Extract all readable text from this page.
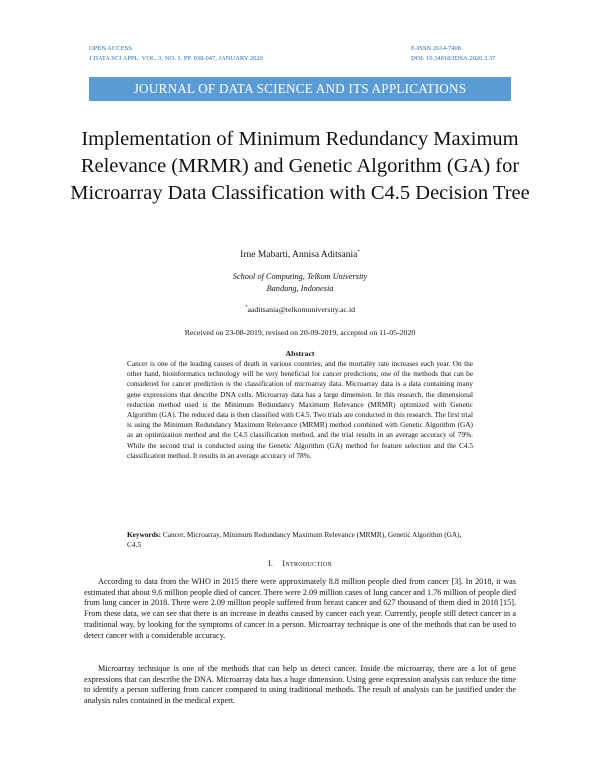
OPEN ACCESS
J DATA SCI APPL. VOL. 3, NO. 1, PP. 038-047, JANUARY 2020
E-ISSN 2614-7408
DOI: 10.34818/JDSA.2020.3.37
JOURNAL OF DATA SCIENCE AND ITS APPLICATIONS
Implementation of Minimum Redundancy Maximum Relevance (MRMR) and Genetic Algorithm (GA) for Microarray Data Classification with C4.5 Decision Tree
Irne Mabarti, Annisa Aditsania*
School of Computing, Telkom University
Bandung, Indonesia
*aaditsania@telkomuniversity.ac.id
Received on 23-08-2019, revised on 20-09-2019, accepted on 11-05-2020
Abstract
Cancer is one of the leading causes of death in various countries, and the mortality rate increases each year. On the other hand, bioinformatics technology will be very beneficial for cancer predictions, one of the methods that can be considered for cancer prediction is the classification of microarray data. Microarray data is a data containing many gene expressions that describe DNA cells. Microarray data has a large dimension. In this research, the dimensional reduction method used is the Minimum Redundancy Maximum Relevance (MRMR) optimized with Genetic Algorithm (GA). The reduced data is then classified with C4.5. Two trials are conducted in this research. The first trial is using the Minimum Redundancy Maximum Relevance (MRMR) method combined with Genetic Algorithm (GA) as an optimization method and the C4.5 classification method, and the trial results in an average accuracy of 79%. While the second trial is conducted using the Genetic Algorithm (GA) method for feature selection and the C4.5 classification method. It results in an average accuracy of 78%.
Keywords: Cancer, Microarray, Minimum Redundancy Maximum Relevance (MRMR), Genetic Algorithm (GA), C4.5
I. Introduction
According to data from the WHO in 2015 there were approximately 8.8 million people died from cancer [3]. In 2018, it was estimated that about 9.6 million people died of cancer. There were 2.09 million cases of lung cancer and 1.76 million of people died from lung cancer in 2018. There were 2.09 million people suffered from breast cancer and 627 thousand of them died in 2018 [15]. From these data, we can see that there is an increase in deaths caused by cancer each year. Currently, people still detect cancer in a traditional way, by looking for the symptoms of cancer in a person. Microarray technique is one of the methods that can be used to detect cancer with a considerable accuracy.
Microarray technique is one of the methods that can help us detect cancer. Inside the microarray, there are a lot of gene expressions that can describe the DNA. Microarray data has a huge dimension. Using gene expression analysis can reduce the time to identify a person suffering from cancer compared to using traditional methods. The result of analysis can be justified under the analysis rules contained in the medical expert.
